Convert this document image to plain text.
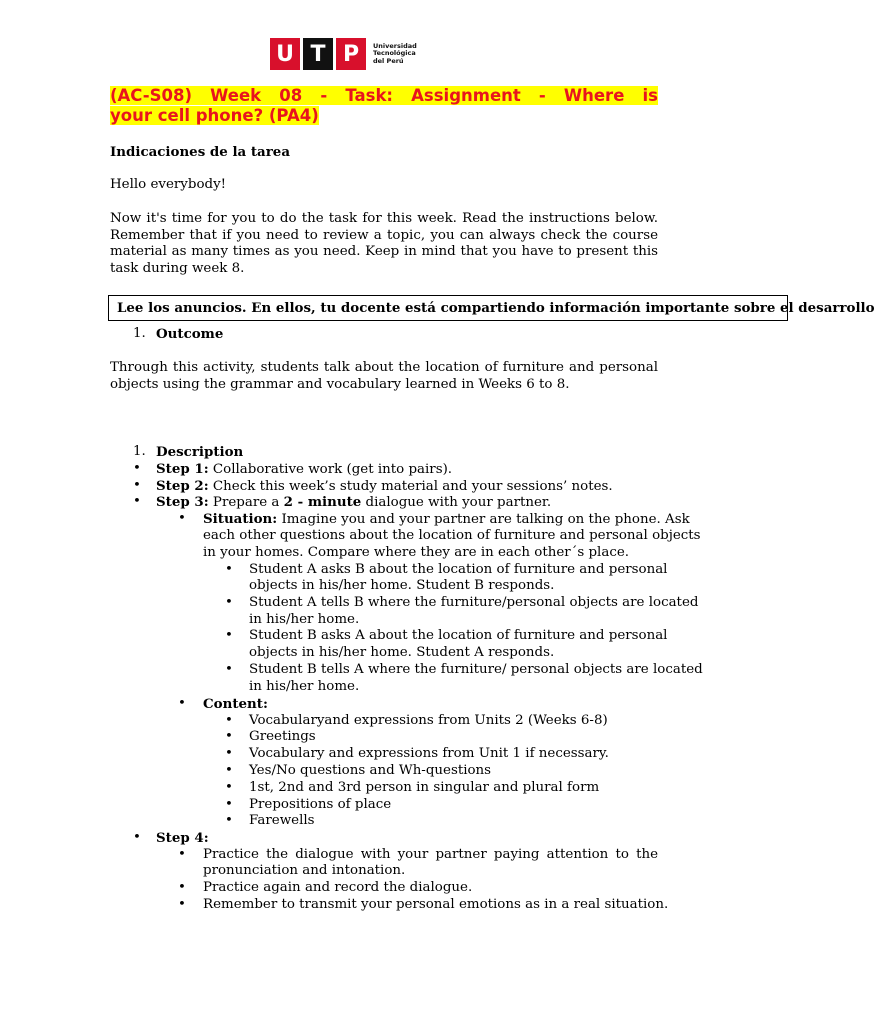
U T P	Universidad
Tecnológica
del Perú
(AC-S08) Week 08 - Task: Assignment - Where is
your cell phone? (PA4)
Indicaciones de la tarea
Hello everybody!
Now it's time for you to do the task for this week. Read the instructions below. Remember that if you need to review a topic, you can always check the course material as many times as you need. Keep in mind that you have to present this task during week 8.
Lee los anuncios. En ellos, tu docente está compartiendo información importante sobre el desarrollo
1. Outcome
Through this activity, students talk about the location of furniture and personal objects using the grammar and vocabulary learned in Weeks 6 to 8.
1. Description
• Step 1: Collaborative work (get into pairs).
• Step 2: Check this week’s study material and your sessions’ notes.
• Step 3: Prepare a 2 - minute dialogue with your partner.
• Situation: Imagine you and your partner are talking on the phone. Ask
each other questions about the location of furniture and personal objects
in your homes. Compare where they are in each other´s place.
• Student A asks B about the location of furniture and personal
objects in his/her home. Student B responds.
• Student A tells B where the furniture/personal objects are located
in his/her home.
• Student B asks A about the location of furniture and personal
objects in his/her home. Student A responds.
• Student B tells A where the furniture/ personal objects are located
in his/her home.
• Content:
• Vocabularyand expressions from Units 2 (Weeks 6-8)
• Greetings
• Vocabulary and expressions from Unit 1 if necessary.
• Yes/No questions and Wh-questions
• 1st, 2nd and 3rd person in singular and plural form
• Prepositions of place
• Farewells
• Step 4:
• Practice the dialogue with your partner paying attention to the
pronunciation and intonation.
• Practice again and record the dialogue.
• Remember to transmit your personal emotions as in a real situation.
